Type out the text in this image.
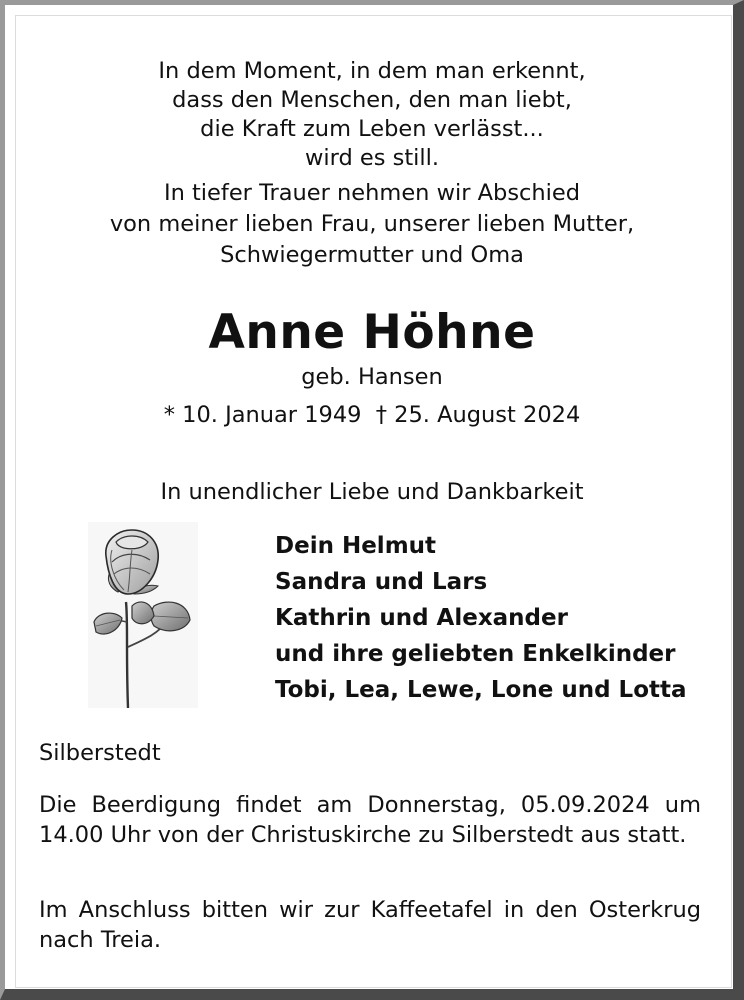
In dem Moment, in dem man erkennt,
dass den Menschen, den man liebt,
die Kraft zum Leben verlässt...
wird es still.
In tiefer Trauer nehmen wir Abschied
von meiner lieben Frau, unserer lieben Mutter,
Schwiegermutter und Oma
Anne Höhne
geb. Hansen
* 10. Januar 1949  † 25. August 2024
In unendlicher Liebe und Dankbarkeit
Dein Helmut
Sandra und Lars
Kathrin und Alexander
und ihre geliebten Enkelkinder
Tobi, Lea, Lewe, Lone und Lotta
Silberstedt
Die Beerdigung findet am Donnerstag, 05.09.2024 um 14.00 Uhr von der Christuskirche zu Silberstedt aus statt.
Im Anschluss bitten wir zur Kaffeetafel in den Osterkrug nach Treia.
